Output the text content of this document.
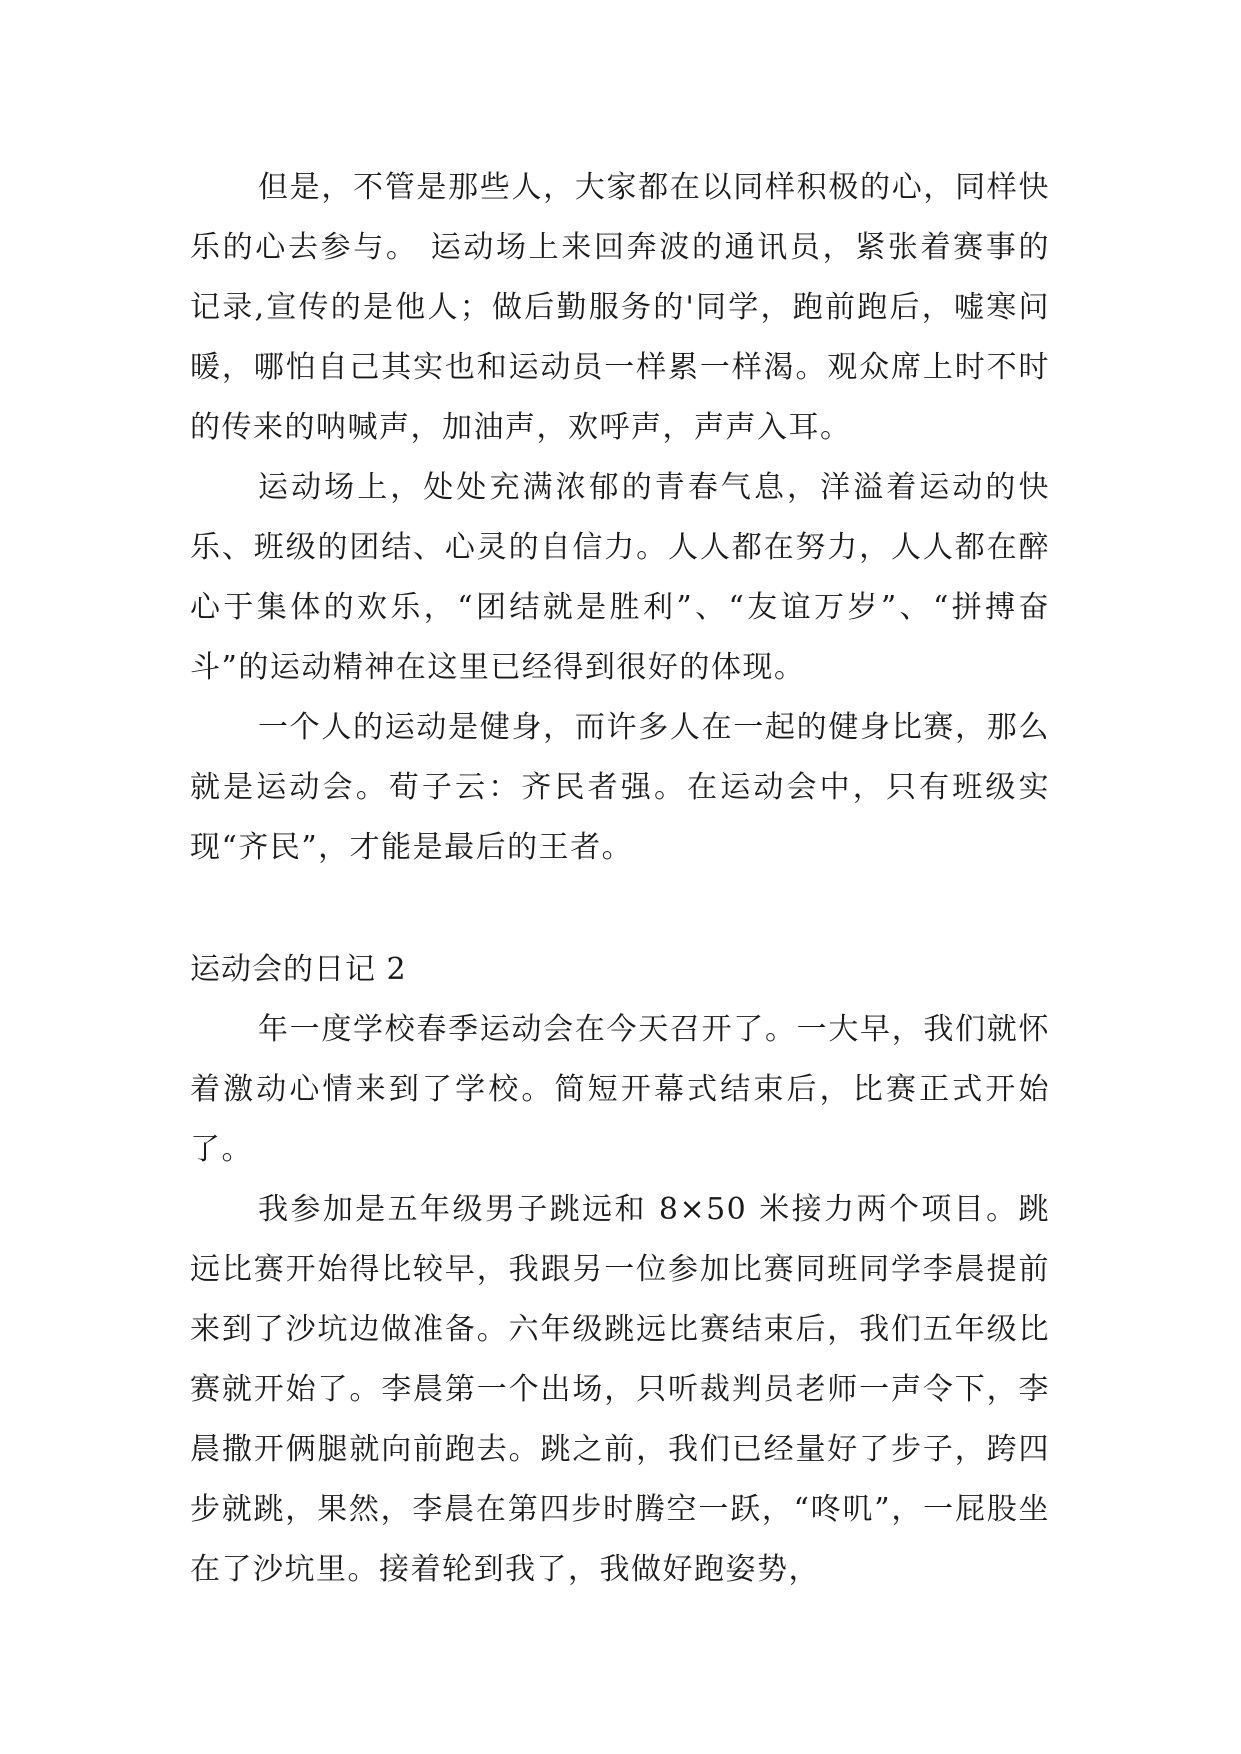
但是，不管是那些人，大家都在以同样积极的心，同样快乐的心去参与。 运动场上来回奔波的通讯员，紧张着赛事的记录,宣传的是他人；做后勤服务的'同学，跑前跑后，嘘寒问暖，哪怕自己其实也和运动员一样累一样渴。观众席上时不时的传来的呐喊声，加油声，欢呼声，声声入耳。

运动场上，处处充满浓郁的青春气息，洋溢着运动的快乐、班级的团结、心灵的自信力。人人都在努力，人人都在醉心于集体的欢乐，“团结就是胜利”、“友谊万岁”、“拼搏奋斗”的运动精神在这里已经得到很好的体现。

一个人的运动是健身，而许多人在一起的健身比赛，那么就是运动会。荀子云：齐民者强。在运动会中，只有班级实现“齐民”，才能是最后的王者。

运动会的日记 2

年一度学校春季运动会在今天召开了。一大早，我们就怀着激动心情来到了学校。简短开幕式结束后，比赛正式开始了。

我参加是五年级男子跳远和 8×50 米接力两个项目。跳远比赛开始得比较早，我跟另一位参加比赛同班同学李晨提前来到了沙坑边做准备。六年级跳远比赛结束后，我们五年级比赛就开始了。李晨第一个出场，只听裁判员老师一声令下，李晨撒开俩腿就向前跑去。跳之前，我们已经量好了步子，跨四步就跳，果然，李晨在第四步时腾空一跃，“咚叽”，一屁股坐在了沙坑里。接着轮到我了，我做好跑姿势，
